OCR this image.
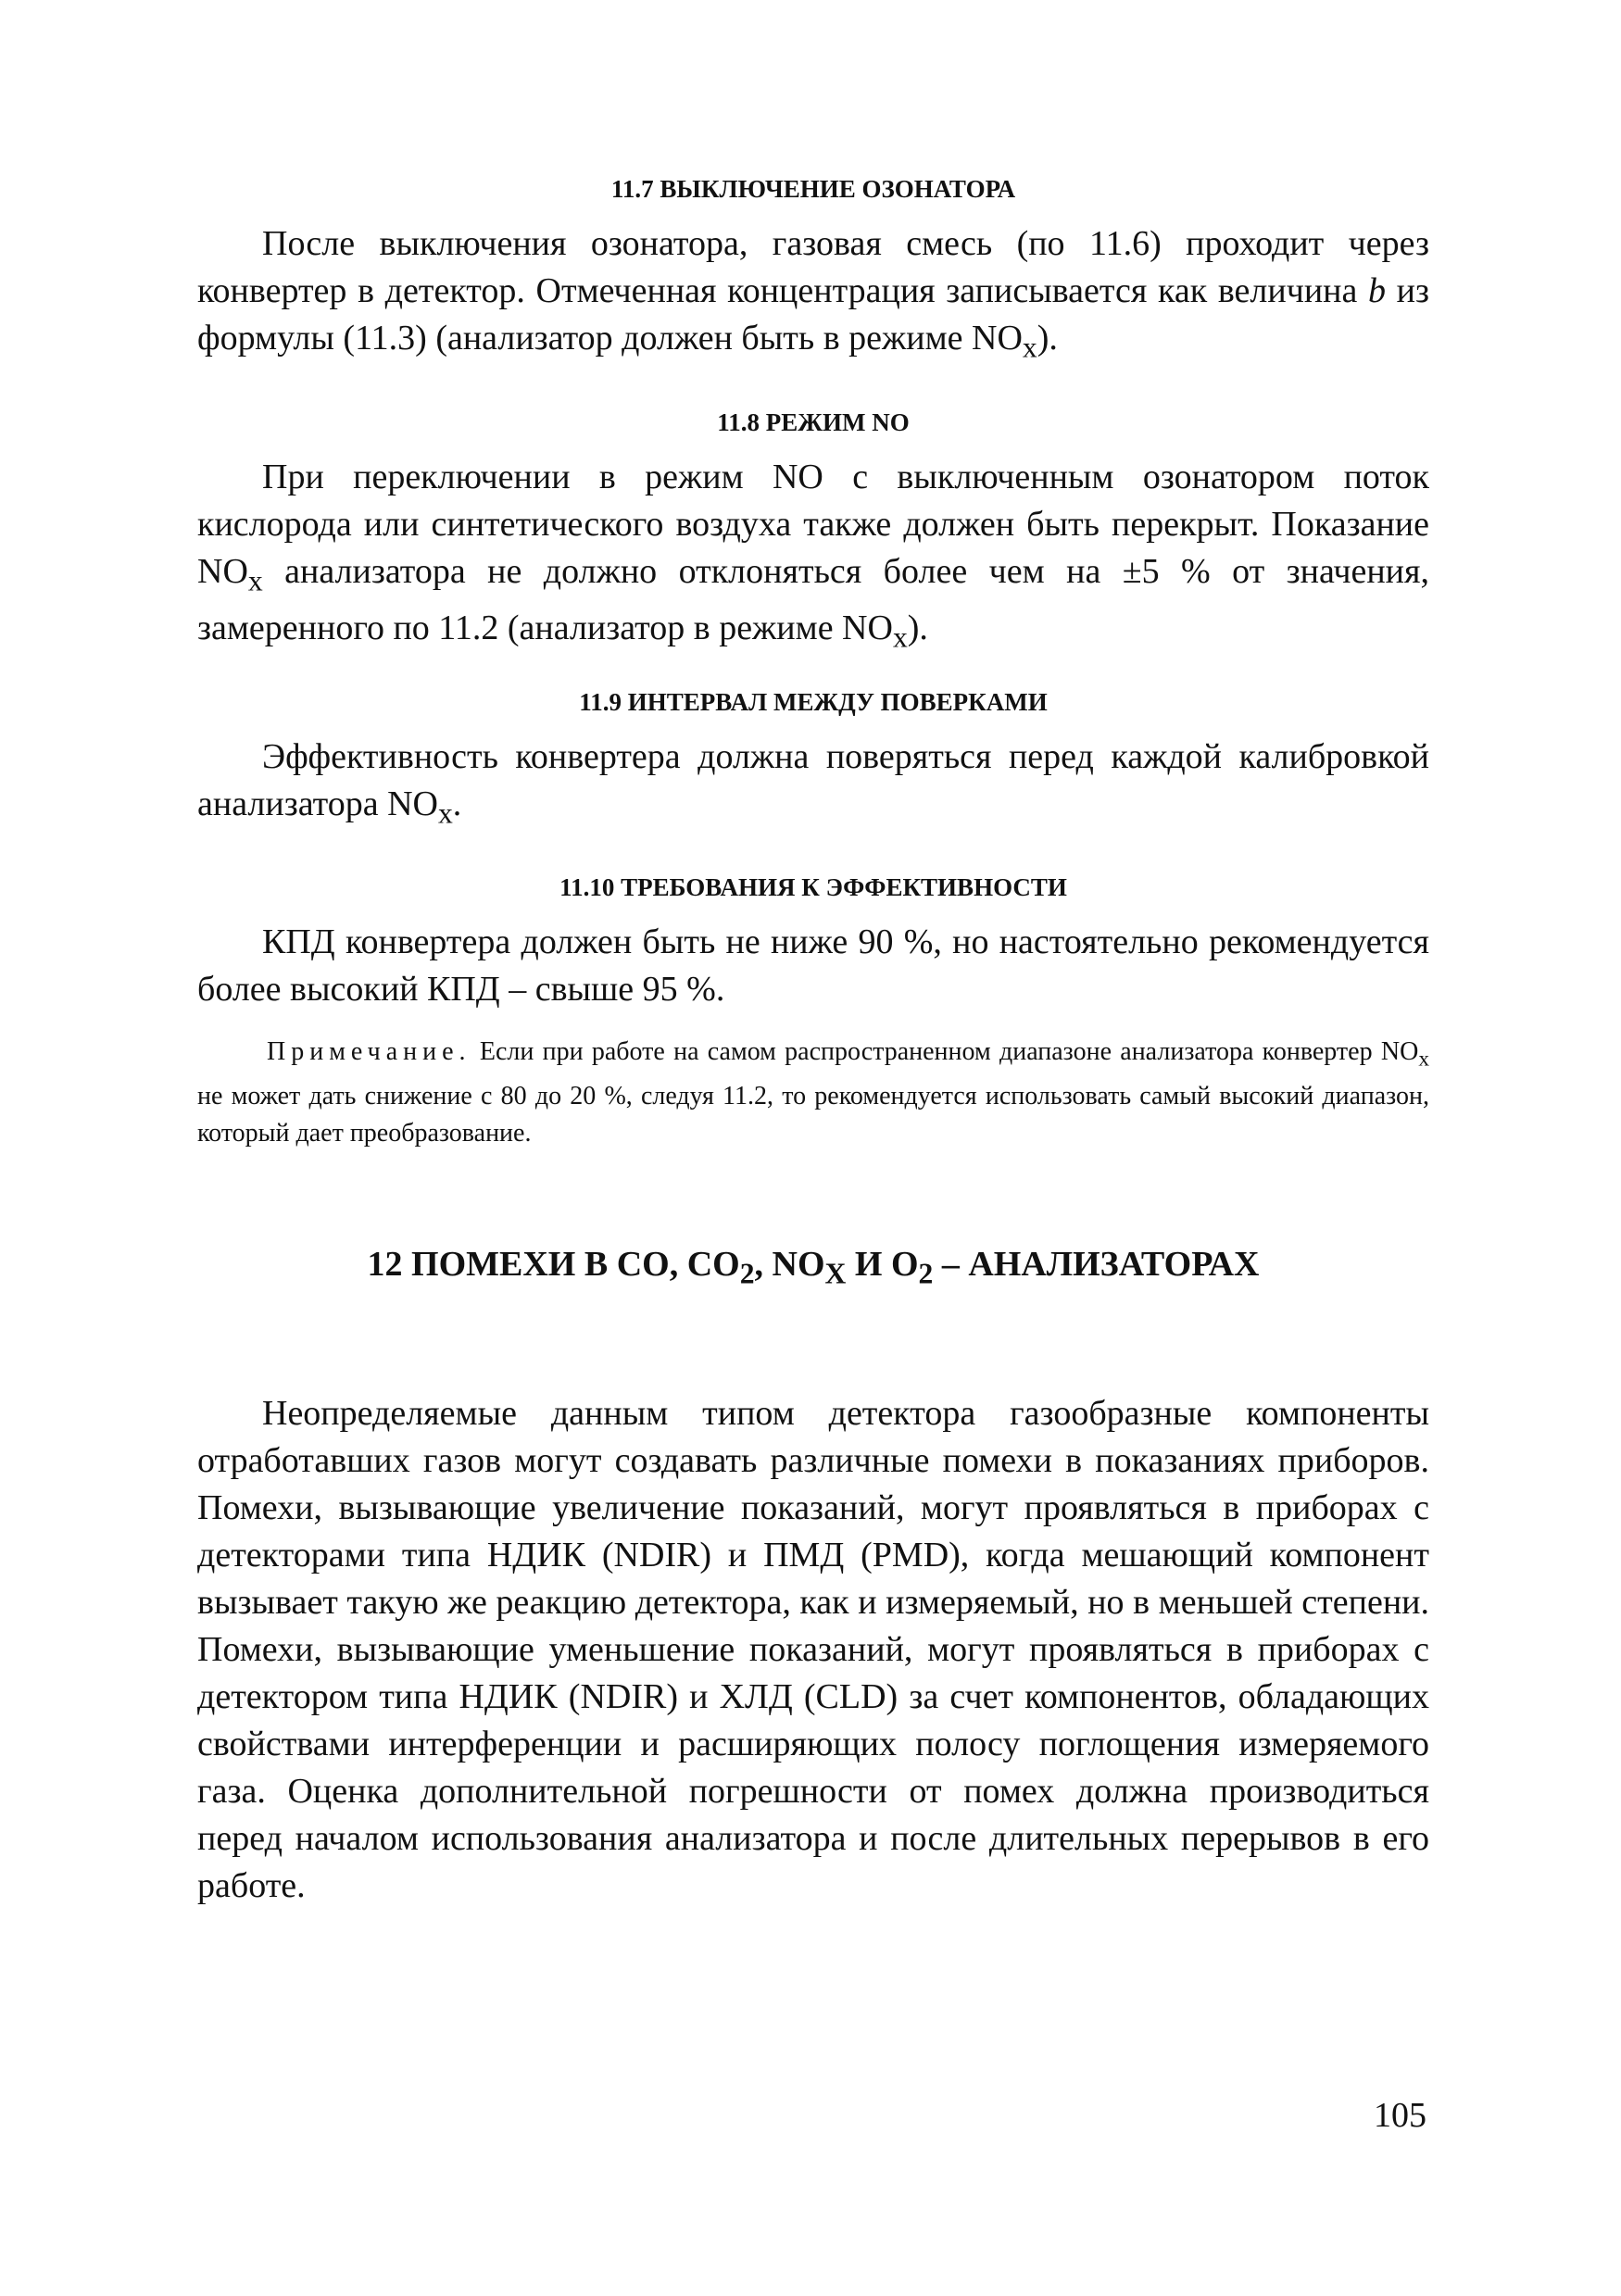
11.7 ВЫКЛЮЧЕНИЕ ОЗОНАТОРА

После выключения озонатора, газовая смесь (по 11.6) проходит через конвертер в детектор. Отмеченная концентрация записывается как величина b из формулы (11.3) (анализатор должен быть в режиме $NO_x$).

11.8 РЕЖИМ NO

При переключении в режим NO с выключенным озонатором поток кислорода или синтетического воздуха также должен быть перекрыт. Показание $NO_x$ анализатора не должно отклоняться более чем на ±5 % от значения, замеренного по 11.2 (анализатор в режиме $NO_x$).

11.9 ИНТЕРВАЛ МЕЖДУ ПОВЕРКАМИ

Эффективность конвертера должна поверяться перед каждой калибровкой анализатора $NO_x$.

11.10 ТРЕБОВАНИЯ К ЭФФЕКТИВНОСТИ

КПД конвертера должен быть не ниже 90 %, но настоятельно рекомендуется более высокий КПД – свыше 95 %.

Примечание. Если при работе на самом распространенном диапазоне анализатора конвертер $NO_x$ не может дать снижение с 80 до 20 %, следуя 11.2, то рекомендуется использовать самый высокий диапазон, который дает преобразование.

12 ПОМЕХИ В СО, $СО_2$, $NO_X$ И $O_2$ – АНАЛИЗАТОРАХ

Неопределяемые данным типом детектора газообразные компоненты отработавших газов могут создавать различные помехи в показаниях приборов. Помехи, вызывающие увеличение показаний, могут проявляться в приборах с детекторами типа НДИК (NDIR) и ПМД (PMD), когда мешающий компонент вызывает такую же реакцию детектора, как и измеряемый, но в меньшей степени. Помехи, вызывающие уменьшение показаний, могут проявляться в приборах с детектором типа НДИК (NDIR) и ХЛД (CLD) за счет компонентов, обладающих свойствами интерференции и расширяющих полосу поглощения измеряемого газа. Оценка дополнительной погрешности от помех должна производиться перед началом использования анализатора и после длительных перерывов в его работе.

105
